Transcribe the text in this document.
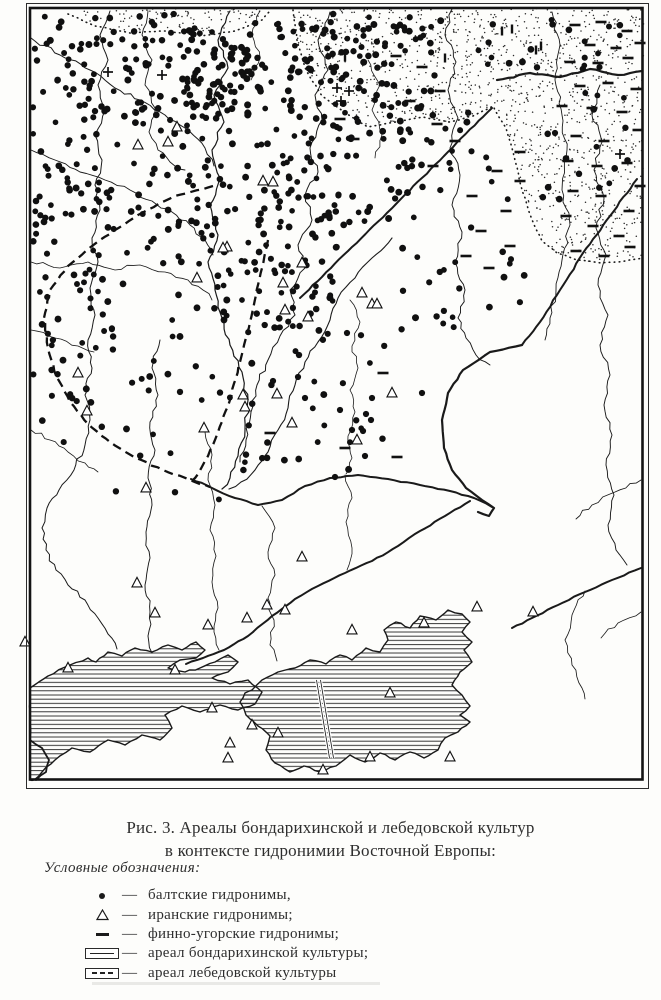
Рис. 3. Ареалы бондарихинской и лебедовской культур
в контексте гидронимии Восточной Европы:
Условные обозначения:
— балтские гидронимы,
— иранские гидронимы;
— финно-угорские гидронимы;
— ареал бондарихинской культуры;
— ареал лебедовской культуры
